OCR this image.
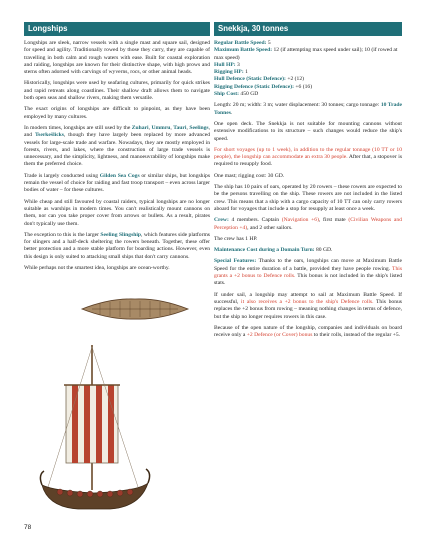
Longships

Longships are sleek, narrow vessels with a single mast and square sail, designed for speed and agility. Traditionally rowed by those they carry, they are capable of travelling in both calm and rough waters with ease. Built for coastal exploration and raiding, longships are known for their distinctive shape, with high prows and sterns often adorned with carvings of wyverns, rocs, or other animal heads.

Historically, longships were used by seafaring cultures, primarily for quick strikes and rapid retreats along coastlines. Their shallow draft allows them to navigate both open seas and shallow rivers, making them versatile.

The exact origins of longships are difficult to pinpoint, as they have been employed by many cultures.

In modern times, longships are still used by the Zuhari, Ummru, Tauri, Seelings, and Tserkešlicks, though they have largely been replaced by more advanced vessels for large-scale trade and warfare. Nowadays, they are mostly employed in forests, rivers, and lakes, where the construction of large trade vessels is unnecessary, and the simplicity, lightness, and manoeuvrability of longships make them the preferred choice.

Trade is largely conducted using Gilden Sea Cogs or similar ships, but longships remain the vessel of choice for raiding and fast troop transport – even across larger bodies of water – for these cultures.

While cheap and still favoured by coastal raiders, typical longships are no longer suitable as warships in modern times. You can't realistically mount cannons on them, nor can you take proper cover from arrows or bullets. As a result, pirates don't typically use them.

The exception to this is the larger Seeling Slingship, which features side platforms for slingers and a half-deck sheltering the rowers beneath. Together, these offer better protection and a more stable platform for boarding actions. However, even this design is only suited to attacking small ships that don't carry cannons.

While perhaps not the smartest idea, longships are ocean-worthy.

Snekkja, 30 tonnes
Regular Battle Speed: 5
Maximum Battle Speed: 12 (if attempting max speed under sail); 10 (if rowed at max speed)
Hull HP: 3
Rigging HP: 1
Hull Defence (Static Defence): +2 (12)
Rigging Defence (Static Defence): +6 (16)
Ship Cost: 450 GD

Length: 20 m; width: 3 m; water displacement: 30 tonnes; cargo tonnage: 10 Trade Tonnes.

One open deck. The Snekkja is not suitable for mounting cannons without extensive modifications to its structure – such changes would reduce the ship's speed.

For short voyages (up to 1 week), in addition to the regular tonnage (10 TT or 10 people), the longship can accommodate an extra 30 people. After that, a stopover is required to resupply food.

One mast; rigging cost: 30 GD.

The ship has 10 pairs of oars, operated by 20 rowers – these rowers are expected to be the persons travelling on the ship. These rowers are not included in the listed crew. This means that a ship with a cargo capacity of 10 TT can only carry rowers aboard for voyages that include a stop for resupply at least once a week.

Crew: 4 members. Captain (Navigation +6), first mate (Civilian Weapons and Perception +4), and 2 other sailors.

The crew has 1 HP.

Maintenance Cost during a Domain Turn: 80 GD.

Special Features: Thanks to the oars, longships can move at Maximum Battle Speed for the entire duration of a battle, provided they have people rowing. This grants a +2 bonus to Defence rolls. This bonus is not included in the ship's listed stats.

If under sail, a longship may attempt to sail at Maximum Battle Speed. If successful, it also receives a +2 bonus to the ship's Defence rolls. This bonus replaces the +2 bonus from rowing – meaning nothing changes in terms of defence, but the ship no longer requires rowers in this case.

Because of the open nature of the longship, companies and individuals on board receive only a +2 Defence (or Cover) bonus to their rolls, instead of the regular +5.

78
